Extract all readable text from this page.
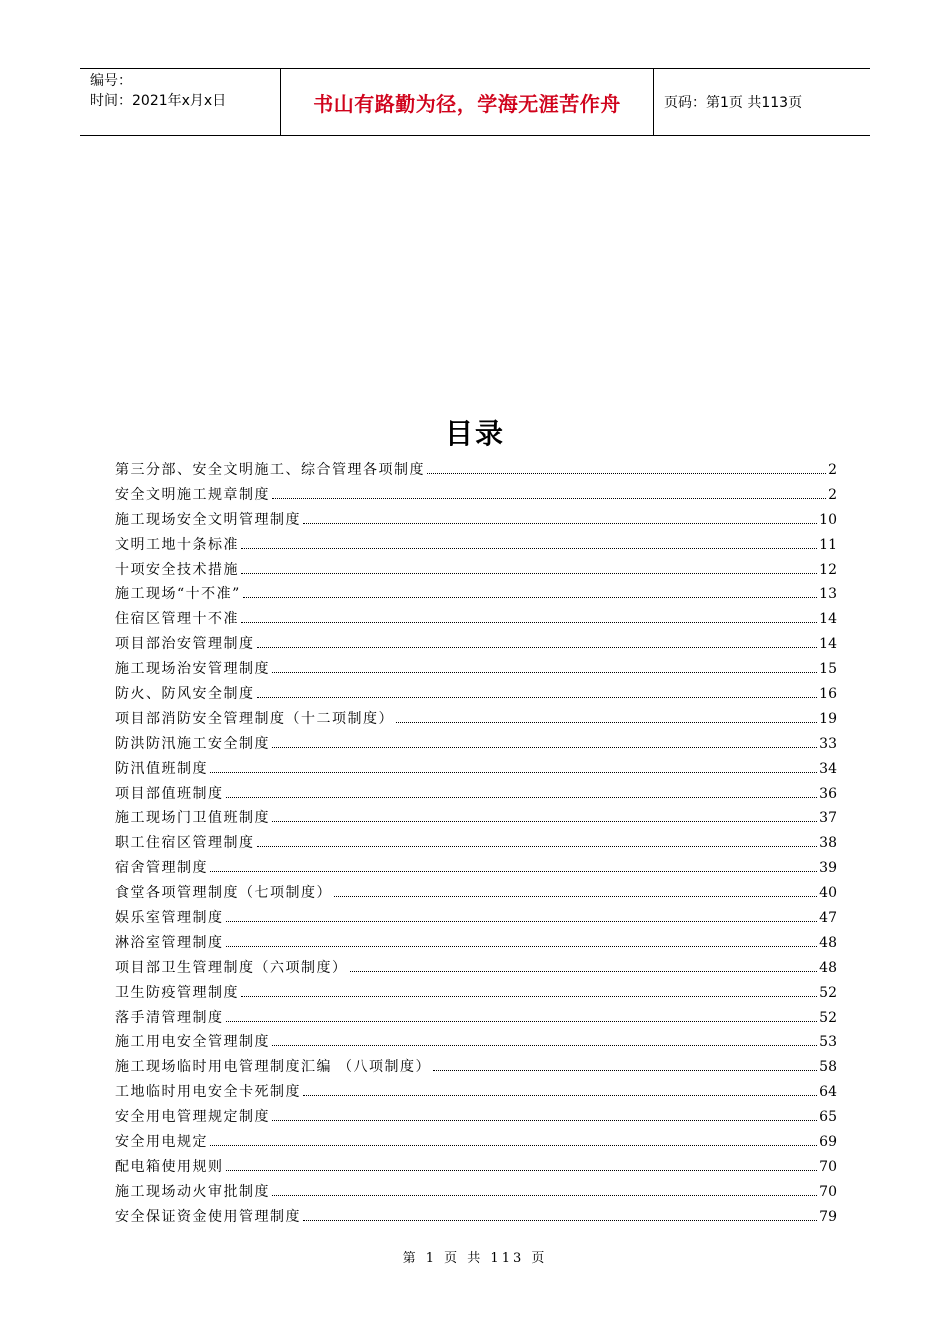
编号：
时间：2021年x月x日	书山有路勤为径，学海无涯苦作舟	页码：第1页 共113页
目录
第三分部、安全文明施工、综合管理各项制度	2
安全文明施工规章制度	2
施工现场安全文明管理制度	10
文明工地十条标准	11
十项安全技术措施	12
施工现场“十不准”	13
住宿区管理十不准	14
项目部治安管理制度	14
施工现场治安管理制度	15
防火、防风安全制度	16
项目部消防安全管理制度（十二项制度）	19
防洪防汛施工安全制度	33
防汛值班制度	34
项目部值班制度	36
施工现场门卫值班制度	37
职工住宿区管理制度	38
宿舍管理制度	39
食堂各项管理制度（七项制度）	40
娱乐室管理制度	47
淋浴室管理制度	48
项目部卫生管理制度（六项制度）	48
卫生防疫管理制度	52
落手清管理制度	52
施工用电安全管理制度	53
施工现场临时用电管理制度汇编 （八项制度）	58
工地临时用电安全卡死制度	64
安全用电管理规定制度	65
安全用电规定	69
配电箱使用规则	70
施工现场动火审批制度	70
安全保证资金使用管理制度	79
第 1 页 共 113 页
